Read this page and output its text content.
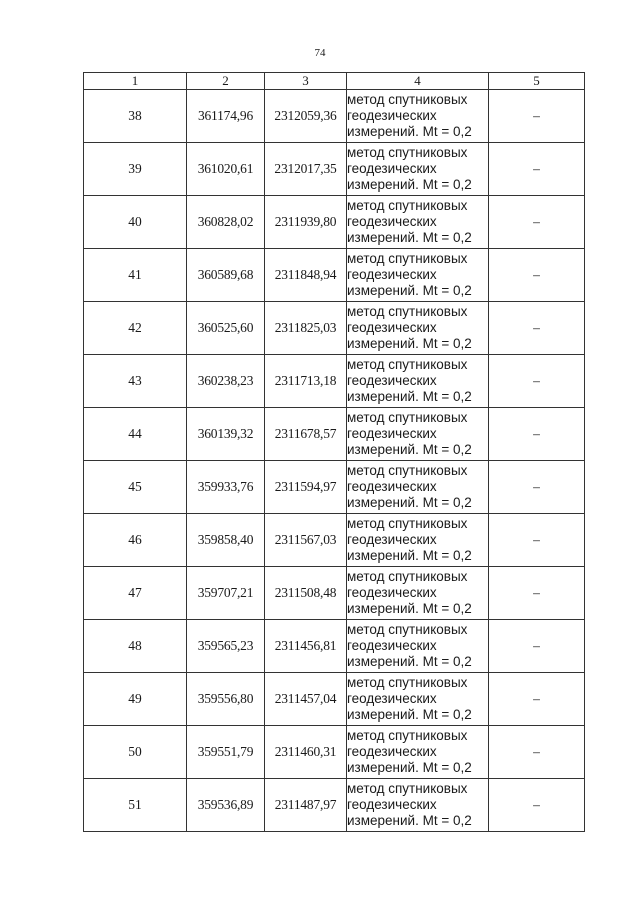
74
1	2	3	4	5
38	361174,96	2312059,36	метод спутниковых
геодезических
измерений. Mt = 0,2	–
39	361020,61	2312017,35	метод спутниковых
геодезических
измерений. Mt = 0,2	–
40	360828,02	2311939,80	метод спутниковых
геодезических
измерений. Mt = 0,2	–
41	360589,68	2311848,94	метод спутниковых
геодезических
измерений. Mt = 0,2	–
42	360525,60	2311825,03	метод спутниковых
геодезических
измерений. Mt = 0,2	–
43	360238,23	2311713,18	метод спутниковых
геодезических
измерений. Mt = 0,2	–
44	360139,32	2311678,57	метод спутниковых
геодезических
измерений. Mt = 0,2	–
45	359933,76	2311594,97	метод спутниковых
геодезических
измерений. Mt = 0,2	–
46	359858,40	2311567,03	метод спутниковых
геодезических
измерений. Mt = 0,2	–
47	359707,21	2311508,48	метод спутниковых
геодезических
измерений. Mt = 0,2	–
48	359565,23	2311456,81	метод спутниковых
геодезических
измерений. Mt = 0,2	–
49	359556,80	2311457,04	метод спутниковых
геодезических
измерений. Mt = 0,2	–
50	359551,79	2311460,31	метод спутниковых
геодезических
измерений. Mt = 0,2	–
51	359536,89	2311487,97	метод спутниковых
геодезических
измерений. Mt = 0,2	–
